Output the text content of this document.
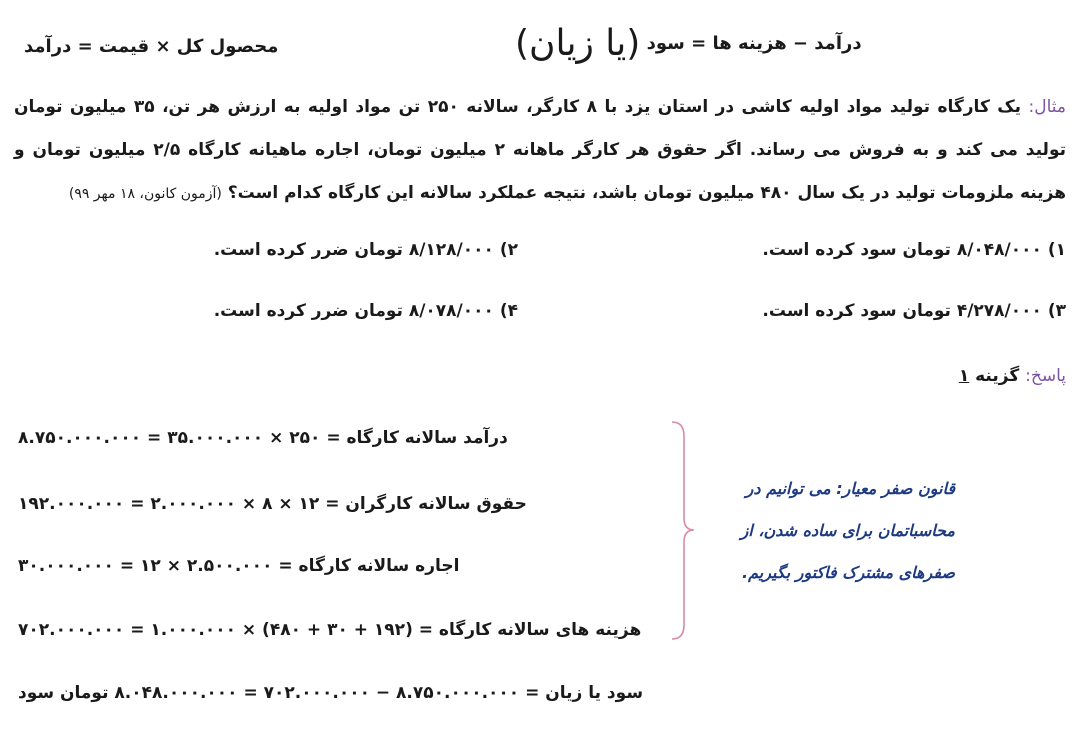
درآمد − هزینه ها = سود (یا زیان)
محصول کل × قیمت = درآمد
مثال: یک کارگاه تولید مواد اولیه کاشی در استان یزد با ۸ کارگر، سالانه ۲۵۰ تن مواد اولیه به ارزش هر تن، ۳۵ میلیون تومان تولید می کند و به فروش می رساند. اگر حقوق هر کارگر ماهانه ۲ میلیون تومان، اجاره ماهیانه کارگاه ۲/۵ میلیون تومان و هزینه ملزومات تولید در یک سال ۴۸۰ میلیون تومان باشد، نتیجه عملکرد سالانه این کارگاه کدام است؟ (آزمون کانون، ۱۸ مهر ۹۹)
۱) ۸/۰۴۸/۰۰۰ تومان سود کرده است.
۲) ۸/۱۲۸/۰۰۰ تومان ضرر کرده است.
۳) ۴/۲۷۸/۰۰۰ تومان سود کرده است.
۴) ۸/۰۷۸/۰۰۰ تومان ضرر کرده است.
پاسخ: گزینه ۱
درآمد سالانه کارگاه = ۲۵۰ × ۳۵.۰۰۰.۰۰۰ = ۸.۷۵۰.۰۰۰.۰۰۰
حقوق سالانه کارگران = ۱۲ × ۸ × ۲.۰۰۰.۰۰۰ = ۱۹۲.۰۰۰.۰۰۰
اجاره سالانه کارگاه = ۲.۵۰۰.۰۰۰ × ۱۲ = ۳۰.۰۰۰.۰۰۰
هزینه های سالانه کارگاه = (۱۹۲ + ۳۰ + ۴۸۰) × ۱.۰۰۰.۰۰۰ = ۷۰۲.۰۰۰.۰۰۰
سود یا زیان = ۸.۷۵۰.۰۰۰.۰۰۰ − ۷۰۲.۰۰۰.۰۰۰ = ۸.۰۴۸.۰۰۰.۰۰۰ تومان سود
قانون صفر معیار: می توانیم در
محاسباتمان برای ساده شدن، از
صفرهای مشترک فاکتور بگیریم.
